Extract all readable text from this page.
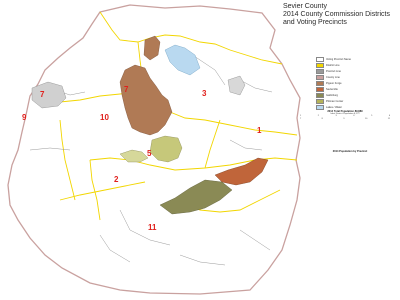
7
7	3
9	10
1
5
2
11
Sevier County
2014 County Commission Districts
and Voting Precincts
Voting Precinct Name
District Line
Precinct Line
County Line
Pigeon Forge
Sevierville
Gatlinburg
Pittman Center
Lakes / Water
2014 Total Population 89,889
Ideal District Population 8,172
1	2	3	4	5	6
7	8	9	10	11
2014 Population by Precinct
